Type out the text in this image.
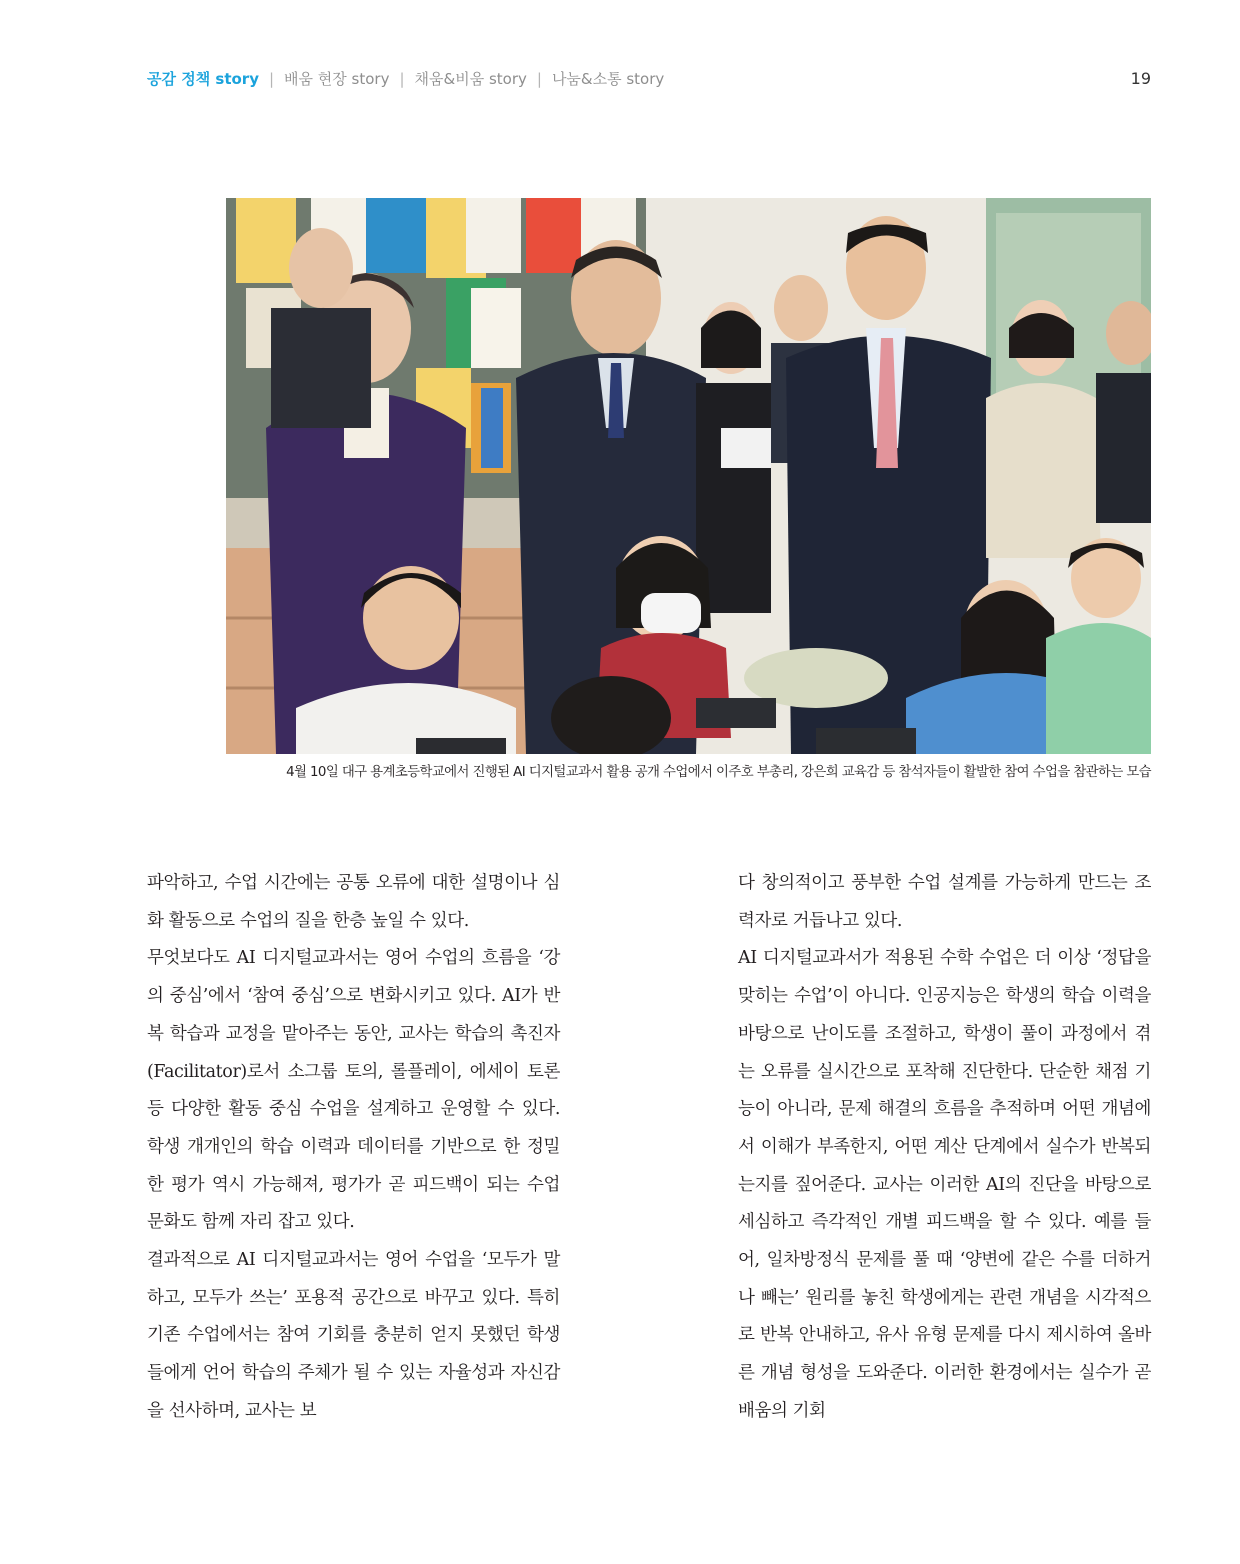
공감 정책 story | 배움 현장 story | 채움&비움 story | 나눔&소통 story	19
4월 10일 대구 용계초등학교에서 진행된 AI 디지털교과서 활용 공개 수업에서 이주호 부총리, 강은희 교육감 등 참석자들이 활발한 참여 수업을 참관하는 모습

파악하고, 수업 시간에는 공통 오류에 대한 설명이나 심화 활동으로 수업의 질을 한층 높일 수 있다.

무엇보다도 AI 디지털교과서는 영어 수업의 흐름을 ‘강의 중심’에서 ‘참여 중심’으로 변화시키고 있다. AI가 반복 학습과 교정을 맡아주는 동안, 교사는 학습의 촉진자(Facilitator)로서 소그룹 토의, 롤플레이, 에세이 토론 등 다양한 활동 중심 수업을 설계하고 운영할 수 있다. 학생 개개인의 학습 이력과 데이터를 기반으로 한 정밀한 평가 역시 가능해져, 평가가 곧 피드백이 되는 수업 문화도 함께 자리 잡고 있다.

결과적으로 AI 디지털교과서는 영어 수업을 ‘모두가 말하고, 모두가 쓰는’ 포용적 공간으로 바꾸고 있다. 특히 기존 수업에서는 참여 기회를 충분히 얻지 못했던 학생들에게 언어 학습의 주체가 될 수 있는 자율성과 자신감을 선사하며, 교사는 보

다 창의적이고 풍부한 수업 설계를 가능하게 만드는 조력자로 거듭나고 있다.

AI 디지털교과서가 적용된 수학 수업은 더 이상 ‘정답을 맞히는 수업’이 아니다. 인공지능은 학생의 학습 이력을 바탕으로 난이도를 조절하고, 학생이 풀이 과정에서 겪는 오류를 실시간으로 포착해 진단한다. 단순한 채점 기능이 아니라, 문제 해결의 흐름을 추적하며 어떤 개념에서 이해가 부족한지, 어떤 계산 단계에서 실수가 반복되는지를 짚어준다. 교사는 이러한 AI의 진단을 바탕으로 세심하고 즉각적인 개별 피드백을 할 수 있다. 예를 들어, 일차방정식 문제를 풀 때 ‘양변에 같은 수를 더하거나 빼는’ 원리를 놓친 학생에게는 관련 개념을 시각적으로 반복 안내하고, 유사 유형 문제를 다시 제시하여 올바른 개념 형성을 도와준다. 이러한 환경에서는 실수가 곧 배움의 기회
